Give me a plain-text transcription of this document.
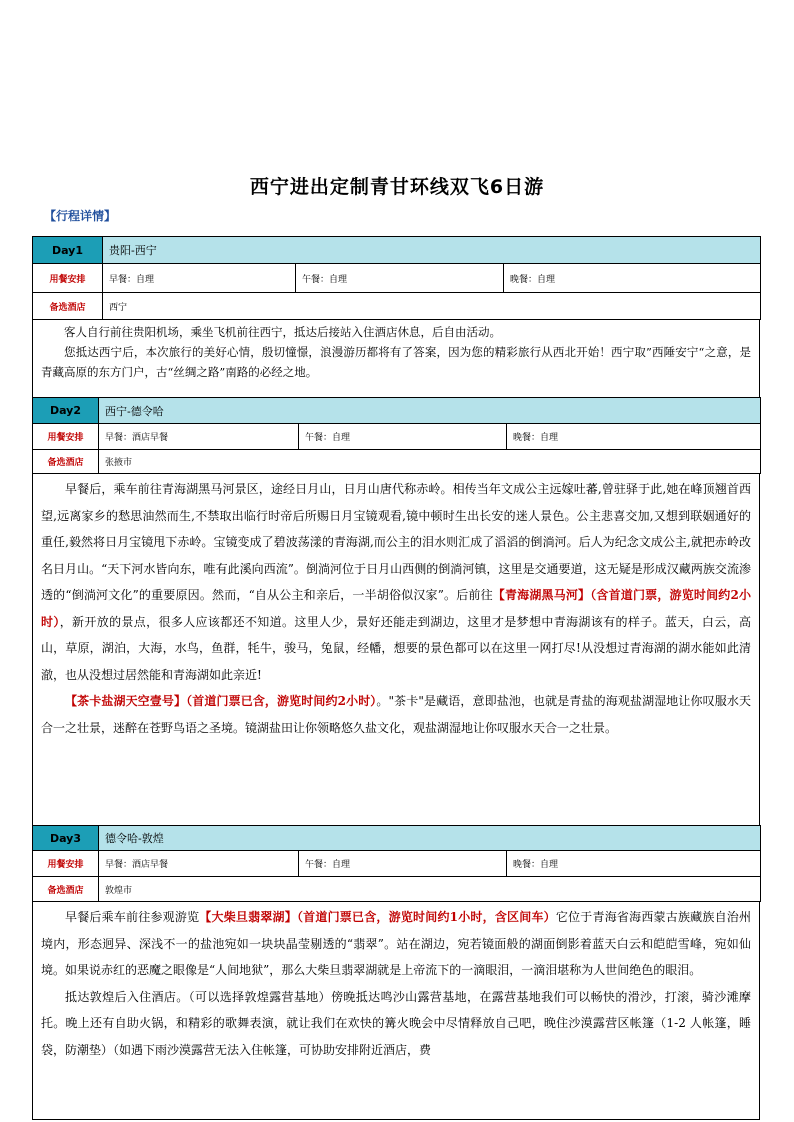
西宁进出定制青甘环线双飞6日游
【行程详情】
Day1	贵阳-西宁		
用餐安排	早餐：自理	午餐：自理	晚餐：自理
备选酒店	西宁		

客人自行前往贵阳机场，乘坐飞机前往西宁，抵达后接站入住酒店休息，后自由活动。

您抵达西宁后，本次旅行的美好心情，殷切憧憬，浪漫游历都将有了答案，因为您的精彩旅行从西北开始！西宁取”西陲安宁“之意，是青藏高原的东方门户，古“丝绸之路”南路的必经之地。

Day2	西宁-德令哈		
用餐安排	早餐：酒店早餐	午餐：自理	晚餐：自理
备选酒店	张掖市		

早餐后，乘车前往青海湖黑马河景区，途经日月山，日月山唐代称赤岭。相传当年文成公主远嫁吐蕃,曾驻驿于此,她在峰顶翘首西望,远离家乡的愁思油然而生,不禁取出临行时帝后所赐日月宝镜观看,镜中顿时生出长安的迷人景色。公主悲喜交加,又想到联姻通好的重任,毅然将日月宝镜甩下赤岭。宝镜变成了碧波荡漾的青海湖,而公主的泪水则汇成了滔滔的倒淌河。后人为纪念文成公主,就把赤岭改名日月山。“天下河水皆向东，唯有此溪向西流”。倒淌河位于日月山西侧的倒淌河镇，这里是交通要道，这无疑是形成汉藏两族交流渗透的“倒淌河文化”的重要原因。然而，“自从公主和亲后，一半胡俗似汉家”。后前往【青海湖黑马河】（含首道门票，游览时间约2小时），新开放的景点，很多人应该都还不知道。这里人少，景好还能走到湖边，这里才是梦想中青海湖该有的样子。蓝天，白云，高山，草原，湖泊，大海，水鸟，鱼群，牦牛，骏马，兔鼠，经幡，想要的景色都可以在这里一网打尽!从没想过青海湖的湖水能如此清澈，也从没想过居然能和青海湖如此亲近!

【茶卡盐湖天空壹号】（首道门票已含，游览时间约2小时）。"茶卡"是藏语，意即盐池，也就是青盐的海观盐湖湿地让你叹服水天合一之壮景，迷醉在苍野鸟语之圣境。镜湖盐田让你领略悠久盐文化，观盐湖湿地让你叹服水天合一之壮景。

Day3	德令哈-敦煌		
用餐安排	早餐：酒店早餐	午餐：自理	晚餐：自理
备选酒店	敦煌市		

早餐后乘车前往参观游览【大柴旦翡翠湖】（首道门票已含，游览时间约1小时，含区间车）它位于青海省海西蒙古族藏族自治州境内，形态迥异、深浅不一的盐池宛如一块块晶莹剔透的“翡翠”。站在湖边，宛若镜面般的湖面倒影着蓝天白云和皑皑雪峰，宛如仙境。如果说赤红的恶魔之眼像是“人间地狱”，那么大柴旦翡翠湖就是上帝流下的一滴眼泪，一滴泪堪称为人世间绝色的眼泪。

抵达敦煌后入住酒店。（可以选择敦煌露营基地）傍晚抵达鸣沙山露营基地，在露营基地我们可以畅快的滑沙，打滚，骑沙滩摩托。晚上还有自助火锅，和精彩的歌舞表演，就让我们在欢快的篝火晚会中尽情释放自己吧，晚住沙漠露营区帐篷（1-2 人帐篷，睡袋，防潮垫）（如遇下雨沙漠露营无法入住帐篷，可协助安排附近酒店，费
